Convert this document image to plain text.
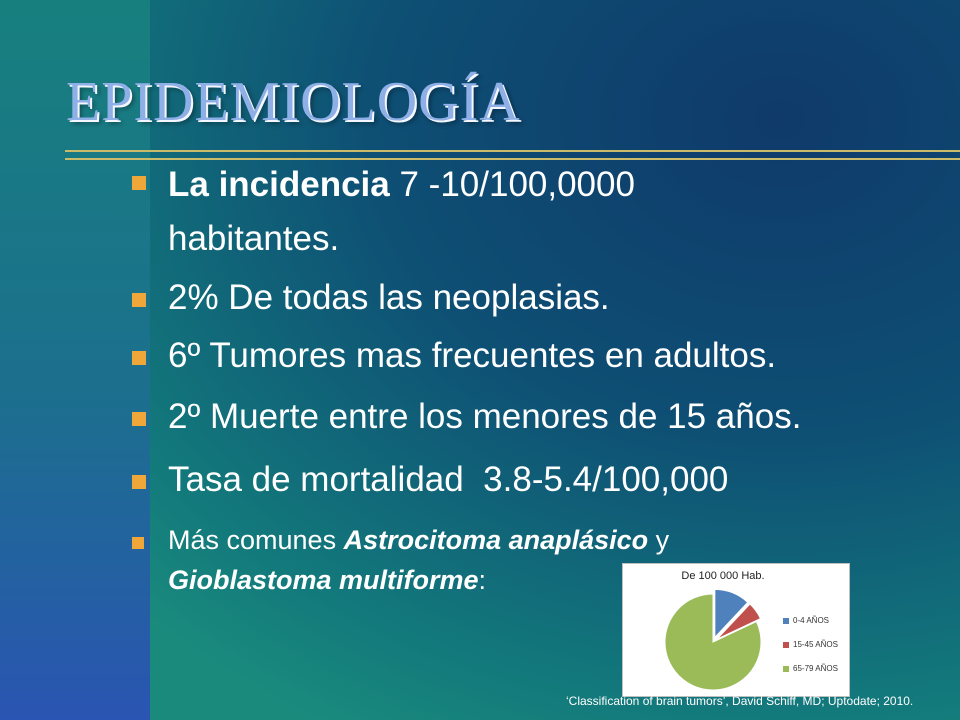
EPIDEMIOLOGÍA
La incidencia 7 -10/100,0000
habitantes.
2% De todas las neoplasias.
6º Tumores mas frecuentes en adultos.
2º Muerte entre los menores de 15 años.
Tasa de mortalidad  3.8-5.4/100,000
Más comunes Astrocitoma anaplásico y
Gioblastoma multiforme:	De 100 000 Hab.
0-4 AÑOS
15-45 AÑOS
65-79 AÑOS
‘Classification of brain tumors’, David Schiff, MD; Uptodate; 2010.
